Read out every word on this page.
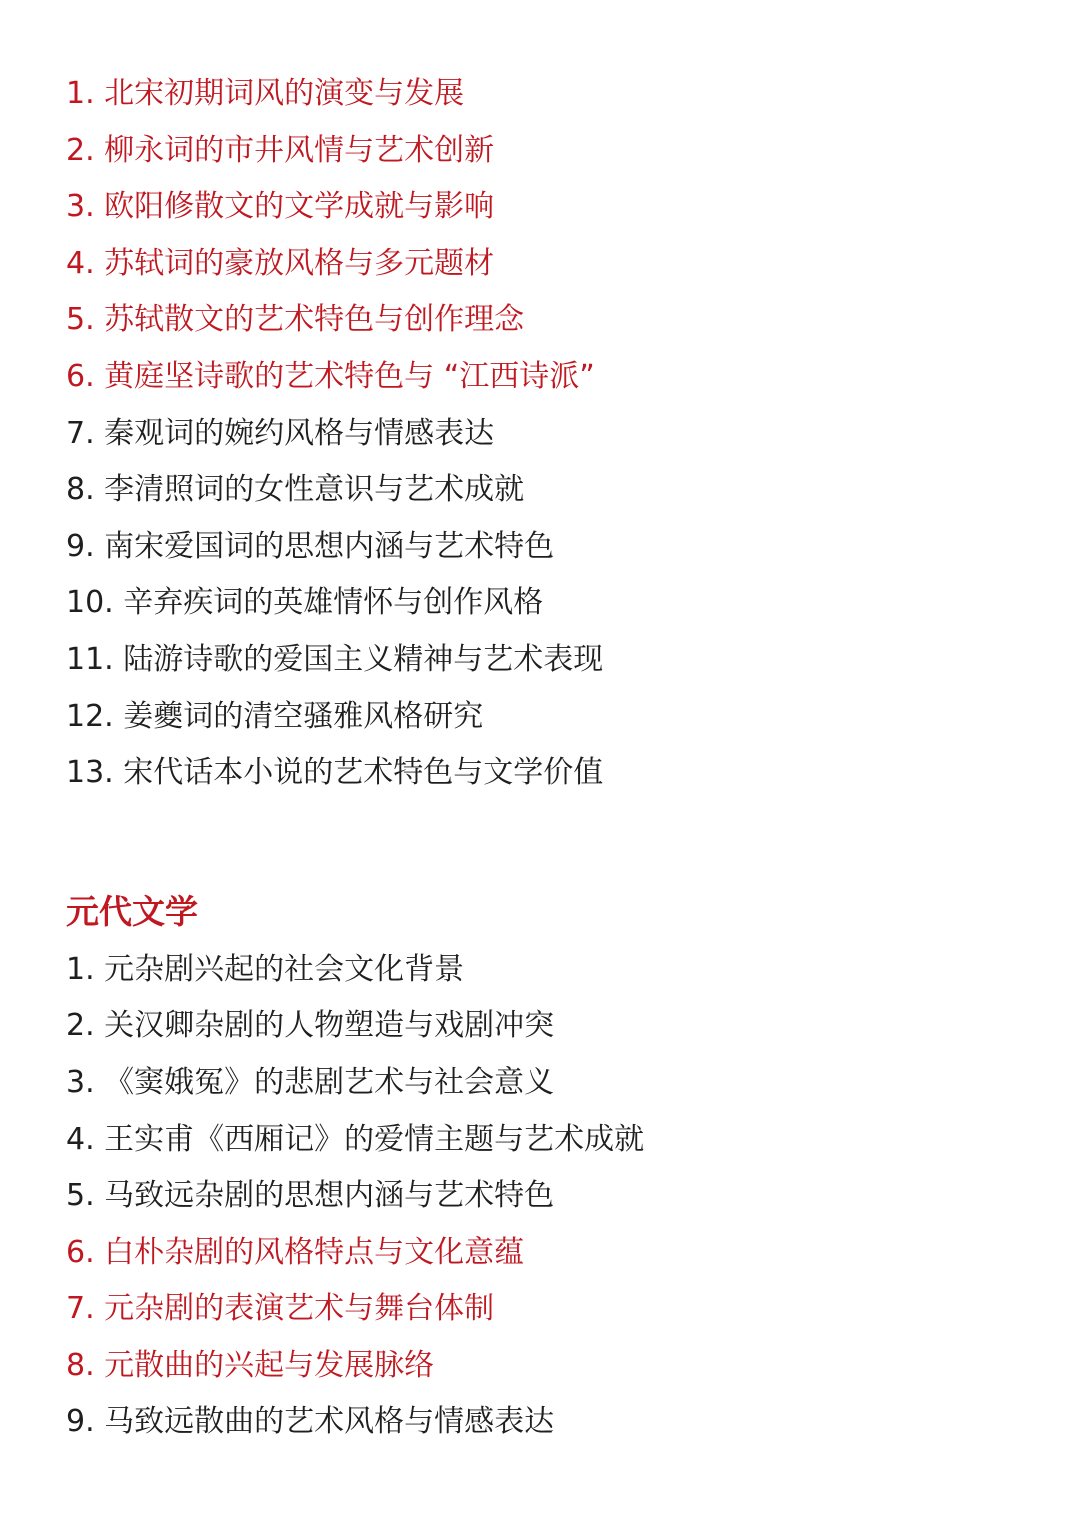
1. 北宋初期词风的演变与发展
2. 柳永词的市井风情与艺术创新
3. 欧阳修散文的文学成就与影响
4. 苏轼词的豪放风格与多元题材
5. 苏轼散文的艺术特色与创作理念
6. 黄庭坚诗歌的艺术特色与 “江西诗派”
7. 秦观词的婉约风格与情感表达
8. 李清照词的女性意识与艺术成就
9. 南宋爱国词的思想内涵与艺术特色
10. 辛弃疾词的英雄情怀与创作风格
11. 陆游诗歌的爱国主义精神与艺术表现
12. 姜夔词的清空骚雅风格研究
13. 宋代话本小说的艺术特色与文学价值
元代文学
1. 元杂剧兴起的社会文化背景
2. 关汉卿杂剧的人物塑造与戏剧冲突
3. 《窦娥冤》的悲剧艺术与社会意义
4. 王实甫《西厢记》的爱情主题与艺术成就
5. 马致远杂剧的思想内涵与艺术特色
6. 白朴杂剧的风格特点与文化意蕴
7. 元杂剧的表演艺术与舞台体制
8. 元散曲的兴起与发展脉络
9. 马致远散曲的艺术风格与情感表达
